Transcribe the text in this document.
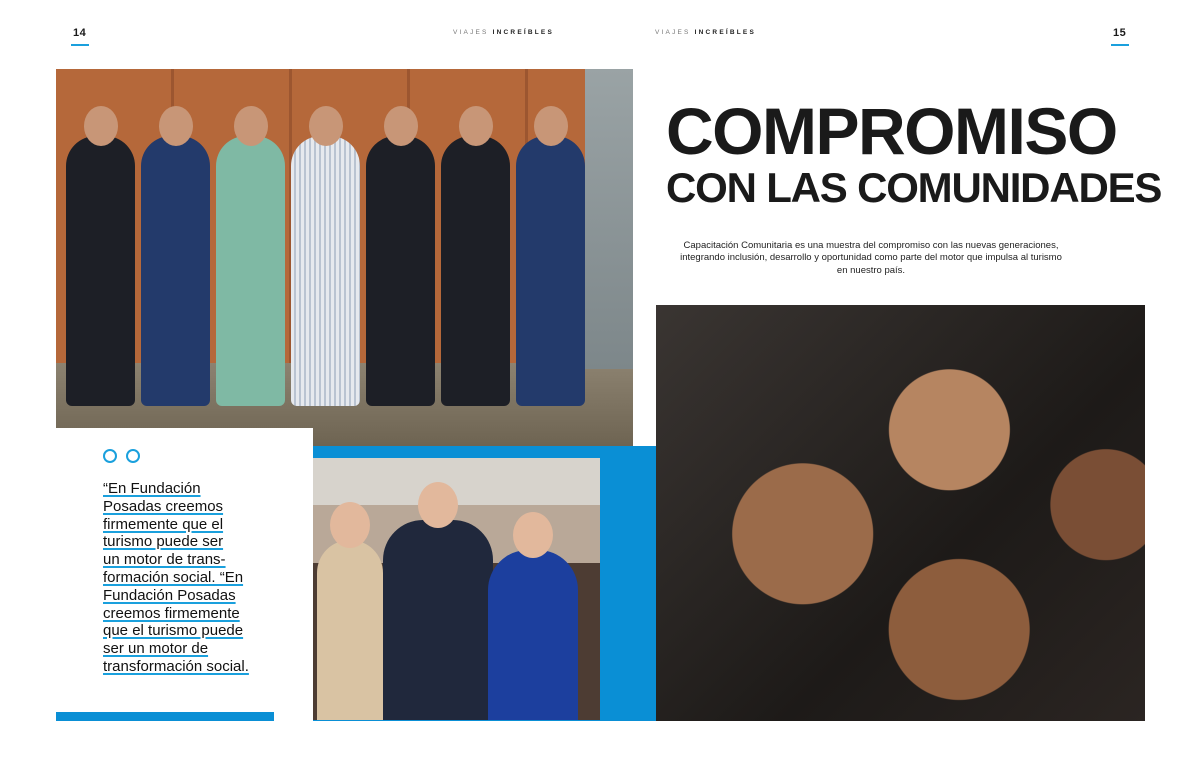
14	VIAJES INCREÍBLES	VIAJES INCREÍBLES	15
COMPROMISO
CON LAS COMUNIDADES

Capacitación Comunitaria es una muestra del compromiso con las nuevas generaciones, integrando inclusión, desarrollo y oportunidad como parte del motor que impulsa al turismo en nuestro país.

“En Fundación
Posadas creemos
firmemente que el
turismo puede ser
un motor de trans-
formación social. “En
Fundación Posadas
creemos firmemente
que el turismo puede
ser un motor de
transformación social.
